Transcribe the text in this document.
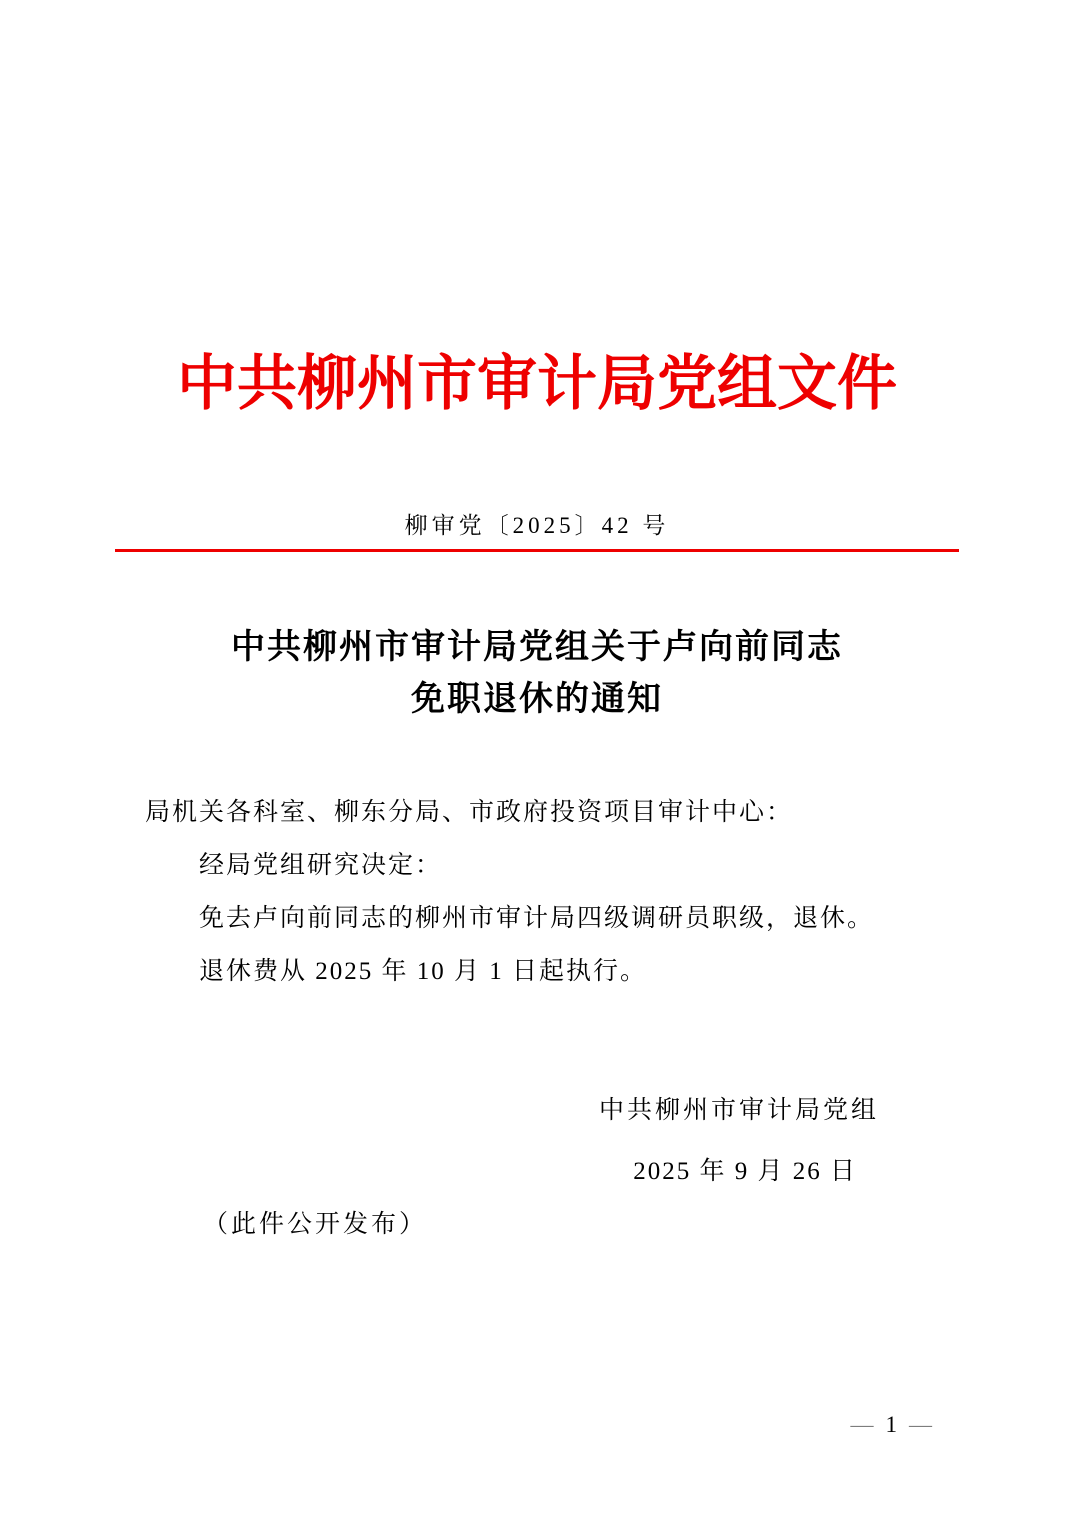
中共柳州市审计局党组文件
柳审党〔2025〕42 号
中共柳州市审计局党组关于卢向前同志
免职退休的通知

局机关各科室、柳东分局、市政府投资项目审计中心：

经局党组研究决定：

免去卢向前同志的柳州市审计局四级调研员职级，退休。

退休费从 2025 年 10 月 1 日起执行。

中共柳州市审计局党组
2025 年 9 月 26 日
（此件公开发布）
— 1 —
